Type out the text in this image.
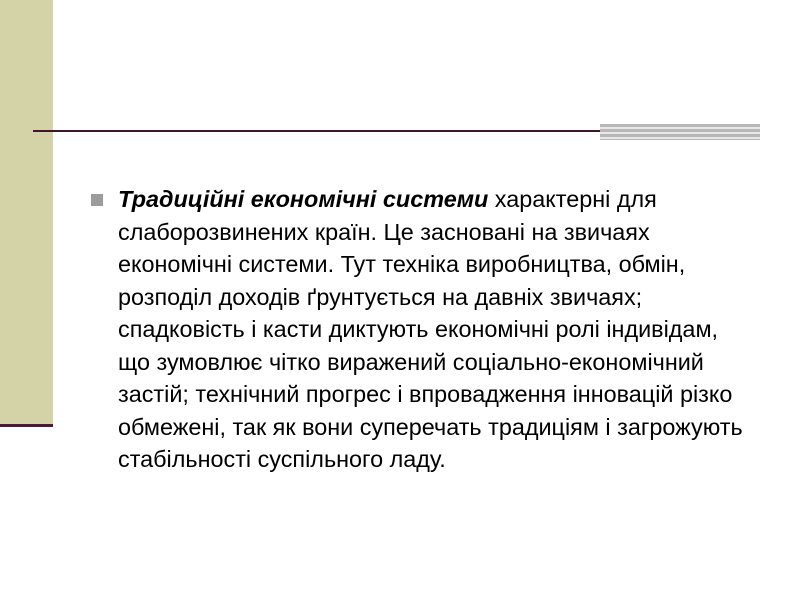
Традиційні економічні системи характерні для слаборозвинених країн. Це засновані на звичаях економічні системи. Тут техніка виробництва, обмін, розподіл доходів ґрунтується на давніх звичаях; спадковість і касти диктують економічні ролі індивідам, що зумовлює чітко виражений соціально-економічний застій; технічний прогрес і впровадження інновацій різко обмежені, так як вони суперечать традиціям і загрожують стабільності суспільного ладу.
